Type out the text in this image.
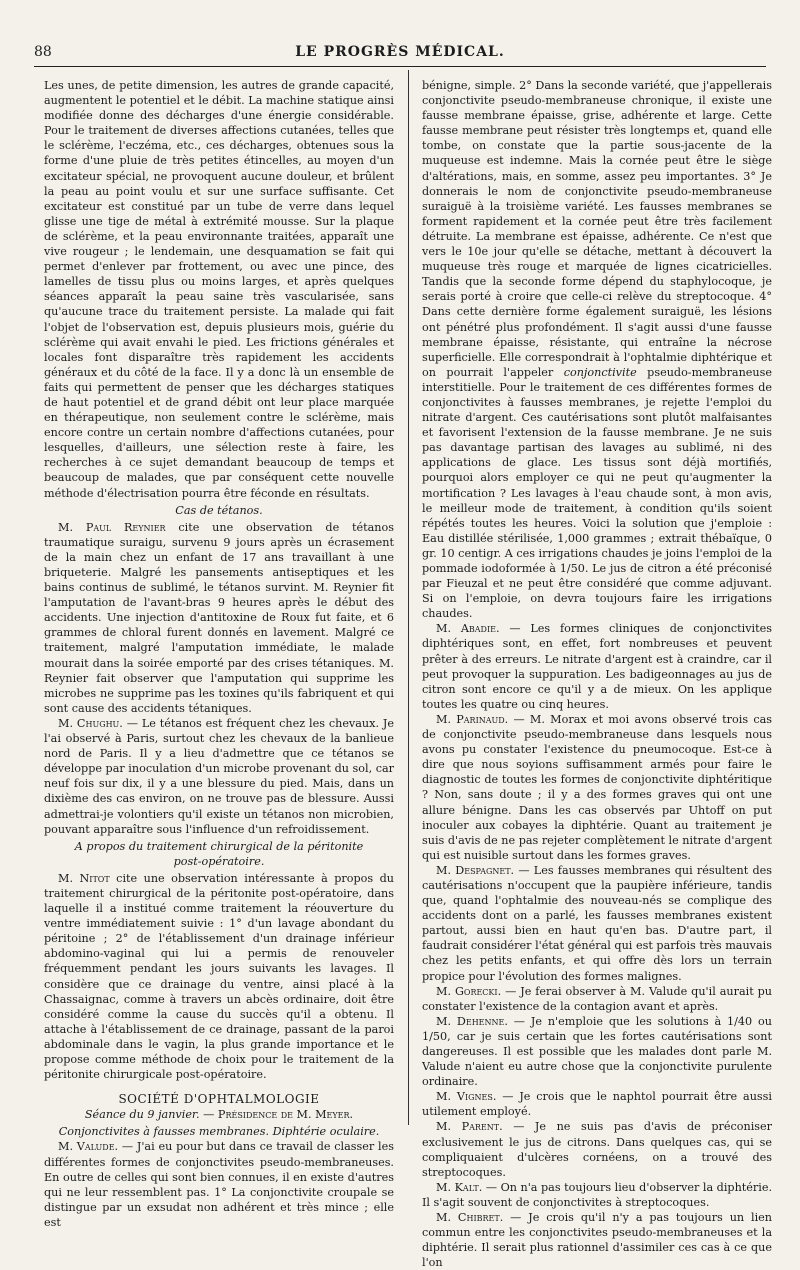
88	LE PROGRÈS MÉDICAL.

Les unes, de petite dimension, les autres de grande capacité, augmentent le potentiel et le débit. La machine statique ainsi modifiée donne des décharges d'une énergie considérable. Pour le traitement de diverses affections cutanées, telles que le sclérème, l'eczéma, etc., ces décharges, obtenues sous la forme d'une pluie de très petites étincelles, au moyen d'un excitateur spécial, ne provoquent aucune douleur, et brûlent la peau au point voulu et sur une surface suffisante. Cet excitateur est constitué par un tube de verre dans lequel glisse une tige de métal à extrémité mousse. Sur la plaque de sclérème, et la peau environnante traitées, apparaît une vive rougeur ; le lendemain, une desquamation se fait qui permet d'enlever par frottement, ou avec une pince, des lamelles de tissu plus ou moins larges, et après quelques séances apparaît la peau saine très vascularisée, sans qu'aucune trace du traitement persiste. La malade qui fait l'objet de l'observation est, depuis plusieurs mois, guérie du sclérème qui avait envahi le pied. Les frictions générales et locales font disparaître très rapidement les accidents généraux et du côté de la face. Il y a donc là un ensemble de faits qui permettent de penser que les décharges statiques de haut potentiel et de grand débit ont leur place marquée en thérapeutique, non seulement contre le sclérème, mais encore contre un certain nombre d'affections cutanées, pour lesquelles, d'ailleurs, une sélection reste à faire, les recherches à ce sujet demandant beaucoup de temps et beaucoup de malades, que par conséquent cette nouvelle méthode d'électrisation pourra être féconde en résultats.

Cas de tétanos.

M. Paul Reynier cite une observation de tétanos traumatique suraigu, survenu 9 jours après un écrasement de la main chez un enfant de 17 ans travaillant à une briqueterie. Malgré les pansements antiseptiques et les bains continus de sublimé, le tétanos survint. M. Reynier fit l'amputation de l'avant-bras 9 heures après le début des accidents. Une injection d'antitoxine de Roux fut faite, et 6 grammes de chloral furent donnés en lavement. Malgré ce traitement, malgré l'amputation immédiate, le malade mourait dans la soirée emporté par des crises tétaniques. M. Reynier fait observer que l'amputation qui supprime les microbes ne supprime pas les toxines qu'ils fabriquent et qui sont cause des accidents tétaniques.

M. Chughu. — Le tétanos est fréquent chez les chevaux. Je l'ai observé à Paris, surtout chez les chevaux de la banlieue nord de Paris. Il y a lieu d'admettre que ce tétanos se développe par inoculation d'un microbe provenant du sol, car neuf fois sur dix, il y a une blessure du pied. Mais, dans un dixième des cas environ, on ne trouve pas de blessure. Aussi admettrai-je volontiers qu'il existe un tétanos non microbien, pouvant apparaître sous l'influence d'un refroidissement.

A propos du traitement chirurgical de la péritonite
post-opératoire.

M. Nitot cite une observation intéressante à propos du traitement chirurgical de la péritonite post-opératoire, dans laquelle il a institué comme traitement la réouverture du ventre immédiatement suivie : 1° d'un lavage abondant du péritoine ; 2° de l'établissement d'un drainage inférieur abdomino-vaginal qui lui a permis de renouveler fréquemment pendant les jours suivants les lavages. Il considère que ce drainage du ventre, ainsi placé à la Chassaignac, comme à travers un abcès ordinaire, doit être considéré comme la cause du succès qu'il a obtenu. Il attache à l'établissement de ce drainage, passant de la paroi abdominale dans le vagin, la plus grande importance et le propose comme méthode de choix pour le traitement de la péritonite chirurgicale post-opératoire.

SOCIÉTÉ D'OPHTALMOLOGIE

Séance du 9 janvier. — Présidence de M. Meyer.

Conjonctivites à fausses membranes. Diphtérie oculaire.

M. Valude. — J'ai eu pour but dans ce travail de classer les différentes formes de conjonctivites pseudo-membraneuses. En outre de celles qui sont bien connues, il en existe d'autres qui ne leur ressemblent pas. 1° La conjonctivite croupale se distingue par un exsudat non adhérent et très mince ; elle est

bénigne, simple. 2° Dans la seconde variété, que j'appellerais conjonctivite pseudo-membraneuse chronique, il existe une fausse membrane épaisse, grise, adhérente et large. Cette fausse membrane peut résister très longtemps et, quand elle tombe, on constate que la partie sous-jacente de la muqueuse est indemne. Mais la cornée peut être le siège d'altérations, mais, en somme, assez peu importantes. 3° Je donnerais le nom de conjonctivite pseudo-membraneuse suraiguë à la troisième variété. Les fausses membranes se forment rapidement et la cornée peut être très facilement détruite. La membrane est épaisse, adhérente. Ce n'est que vers le 10e jour qu'elle se détache, mettant à découvert la muqueuse très rouge et marquée de lignes cicatricielles. Tandis que la seconde forme dépend du staphylocoque, je serais porté à croire que celle-ci relève du streptocoque. 4° Dans cette dernière forme également suraiguë, les lésions ont pénétré plus profondément. Il s'agit aussi d'une fausse membrane épaisse, résistante, qui entraîne la nécrose superficielle. Elle correspondrait à l'ophtalmie diphtérique et on pourrait l'appeler conjonctivite pseudo-membraneuse interstitielle. Pour le traitement de ces différentes formes de conjonctivites à fausses membranes, je rejette l'emploi du nitrate d'argent. Ces cautérisations sont plutôt malfaisantes et favorisent l'extension de la fausse membrane. Je ne suis pas davantage partisan des lavages au sublimé, ni des applications de glace. Les tissus sont déjà mortifiés, pourquoi alors employer ce qui ne peut qu'augmenter la mortification ? Les lavages à l'eau chaude sont, à mon avis, le meilleur mode de traitement, à condition qu'ils soient répétés toutes les heures. Voici la solution que j'emploie : Eau distillée stérilisée, 1,000 grammes ; extrait thébaïque, 0 gr. 10 centigr. A ces irrigations chaudes je joins l'emploi de la pommade iodoformée à 1/50. Le jus de citron a été préconisé par Fieuzal et ne peut être considéré que comme adjuvant. Si on l'emploie, on devra toujours faire les irrigations chaudes.

M. Abadie. — Les formes cliniques de conjonctivites diphtériques sont, en effet, fort nombreuses et peuvent prêter à des erreurs. Le nitrate d'argent est à craindre, car il peut provoquer la suppuration. Les badigeonnages au jus de citron sont encore ce qu'il y a de mieux. On les applique toutes les quatre ou cinq heures.

M. Parinaud. — M. Morax et moi avons observé trois cas de conjonctivite pseudo-membraneuse dans lesquels nous avons pu constater l'existence du pneumocoque. Est-ce à dire que nous soyions suffisamment armés pour faire le diagnostic de toutes les formes de conjonctivite diphtéritique ? Non, sans doute ; il y a des formes graves qui ont une allure bénigne. Dans les cas observés par Uhtoff on put inoculer aux cobayes la diphtérie. Quant au traitement je suis d'avis de ne pas rejeter complètement le nitrate d'argent qui est nuisible surtout dans les formes graves.

M. Despagnet. — Les fausses membranes qui résultent des cautérisations n'occupent que la paupière inférieure, tandis que, quand l'ophtalmie des nouveau-nés se complique des accidents dont on a parlé, les fausses membranes existent partout, aussi bien en haut qu'en bas. D'autre part, il faudrait considérer l'état général qui est parfois très mauvais chez les petits enfants, et qui offre dès lors un terrain propice pour l'évolution des formes malignes.

M. Gorecki. — Je ferai observer à M. Valude qu'il aurait pu constater l'existence de la contagion avant et après.

M. Dehenne. — Je n'emploie que les solutions à 1/40 ou 1/50, car je suis certain que les fortes cautérisations sont dangereuses. Il est possible que les malades dont parle M. Valude n'aient eu autre chose que la conjonctivite purulente ordinaire.

M. Vignes. — Je crois que le naphtol pourrait être aussi utilement employé.

M. Parent. — Je ne suis pas d'avis de préconiser exclusivement le jus de citrons. Dans quelques cas, qui se compliquaient d'ulcères cornéens, on a trouvé des streptocoques.

M. Kalt. — On n'a pas toujours lieu d'observer la diphtérie. Il s'agit souvent de conjonctivites à streptocoques.

M. Chibret. — Je crois qu'il n'y a pas toujours un lien commun entre les conjonctivites pseudo-membraneuses et la diphtérie. Il serait plus rationnel d'assimiler ces cas à ce que l'on
